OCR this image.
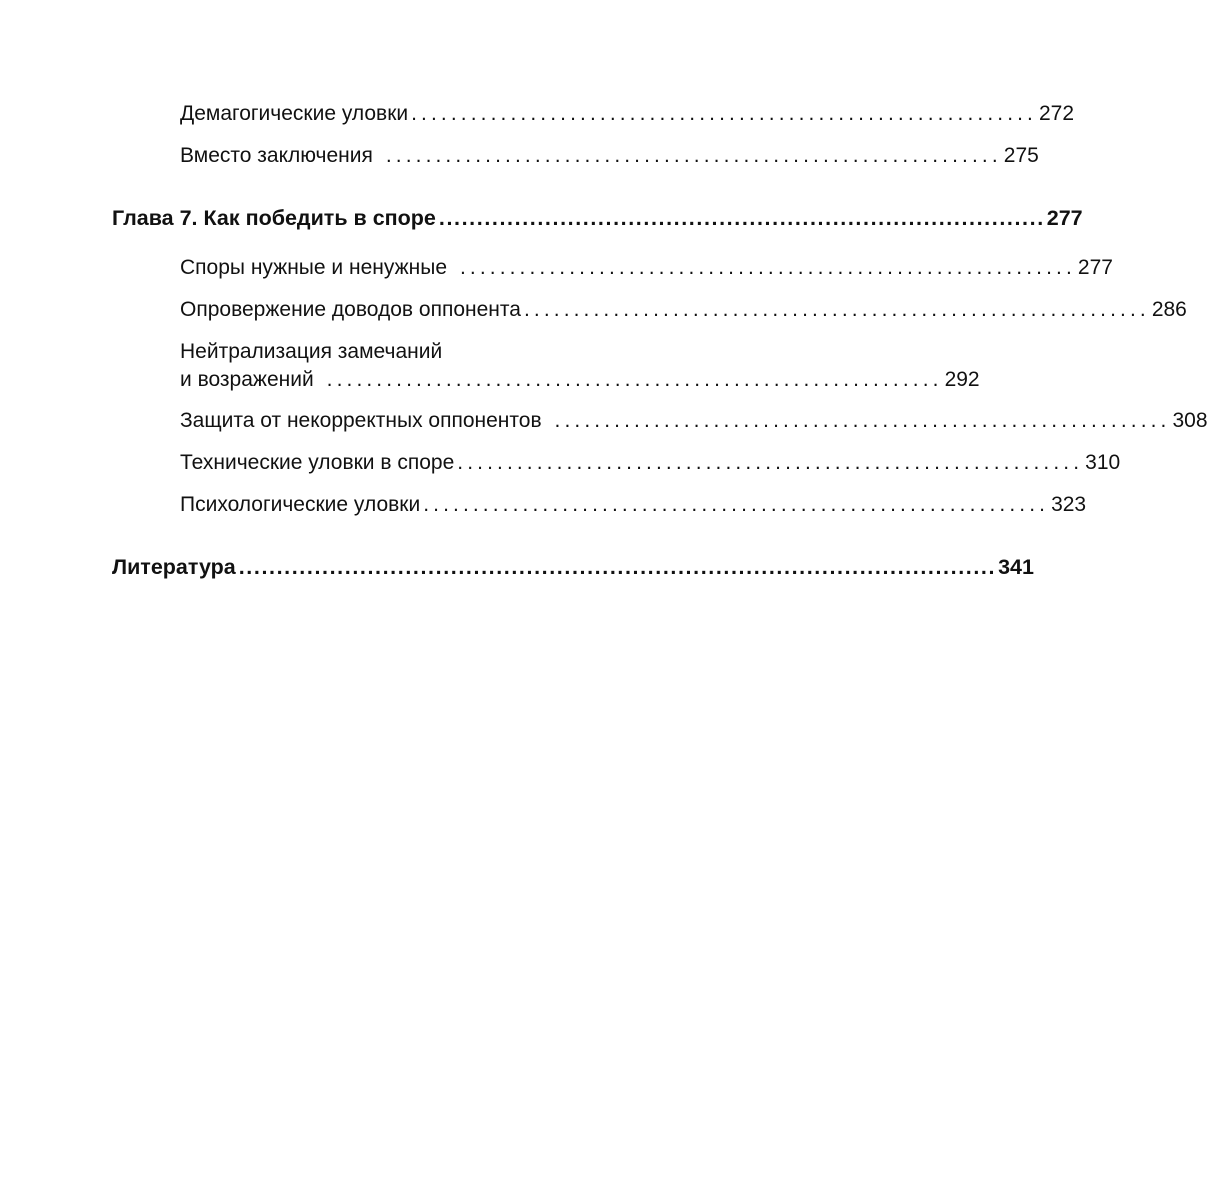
Демагогические уловки ............................................................... 272
Вместо заключения .............................................................. 275
Глава 7. Как победить в споре ................................................................................ 277
Споры нужные и ненужные .............................................................. 277
Опровержение доводов оппонента ............................................................... 286
Нейтрализация замечаний
и возражений .............................................................. 292
Защита от некорректных оппонентов .............................................................. 308
Технические уловки в споре ............................................................... 310
Психологические уловки ............................................................... 323
Литература .................................................................................................... 341
